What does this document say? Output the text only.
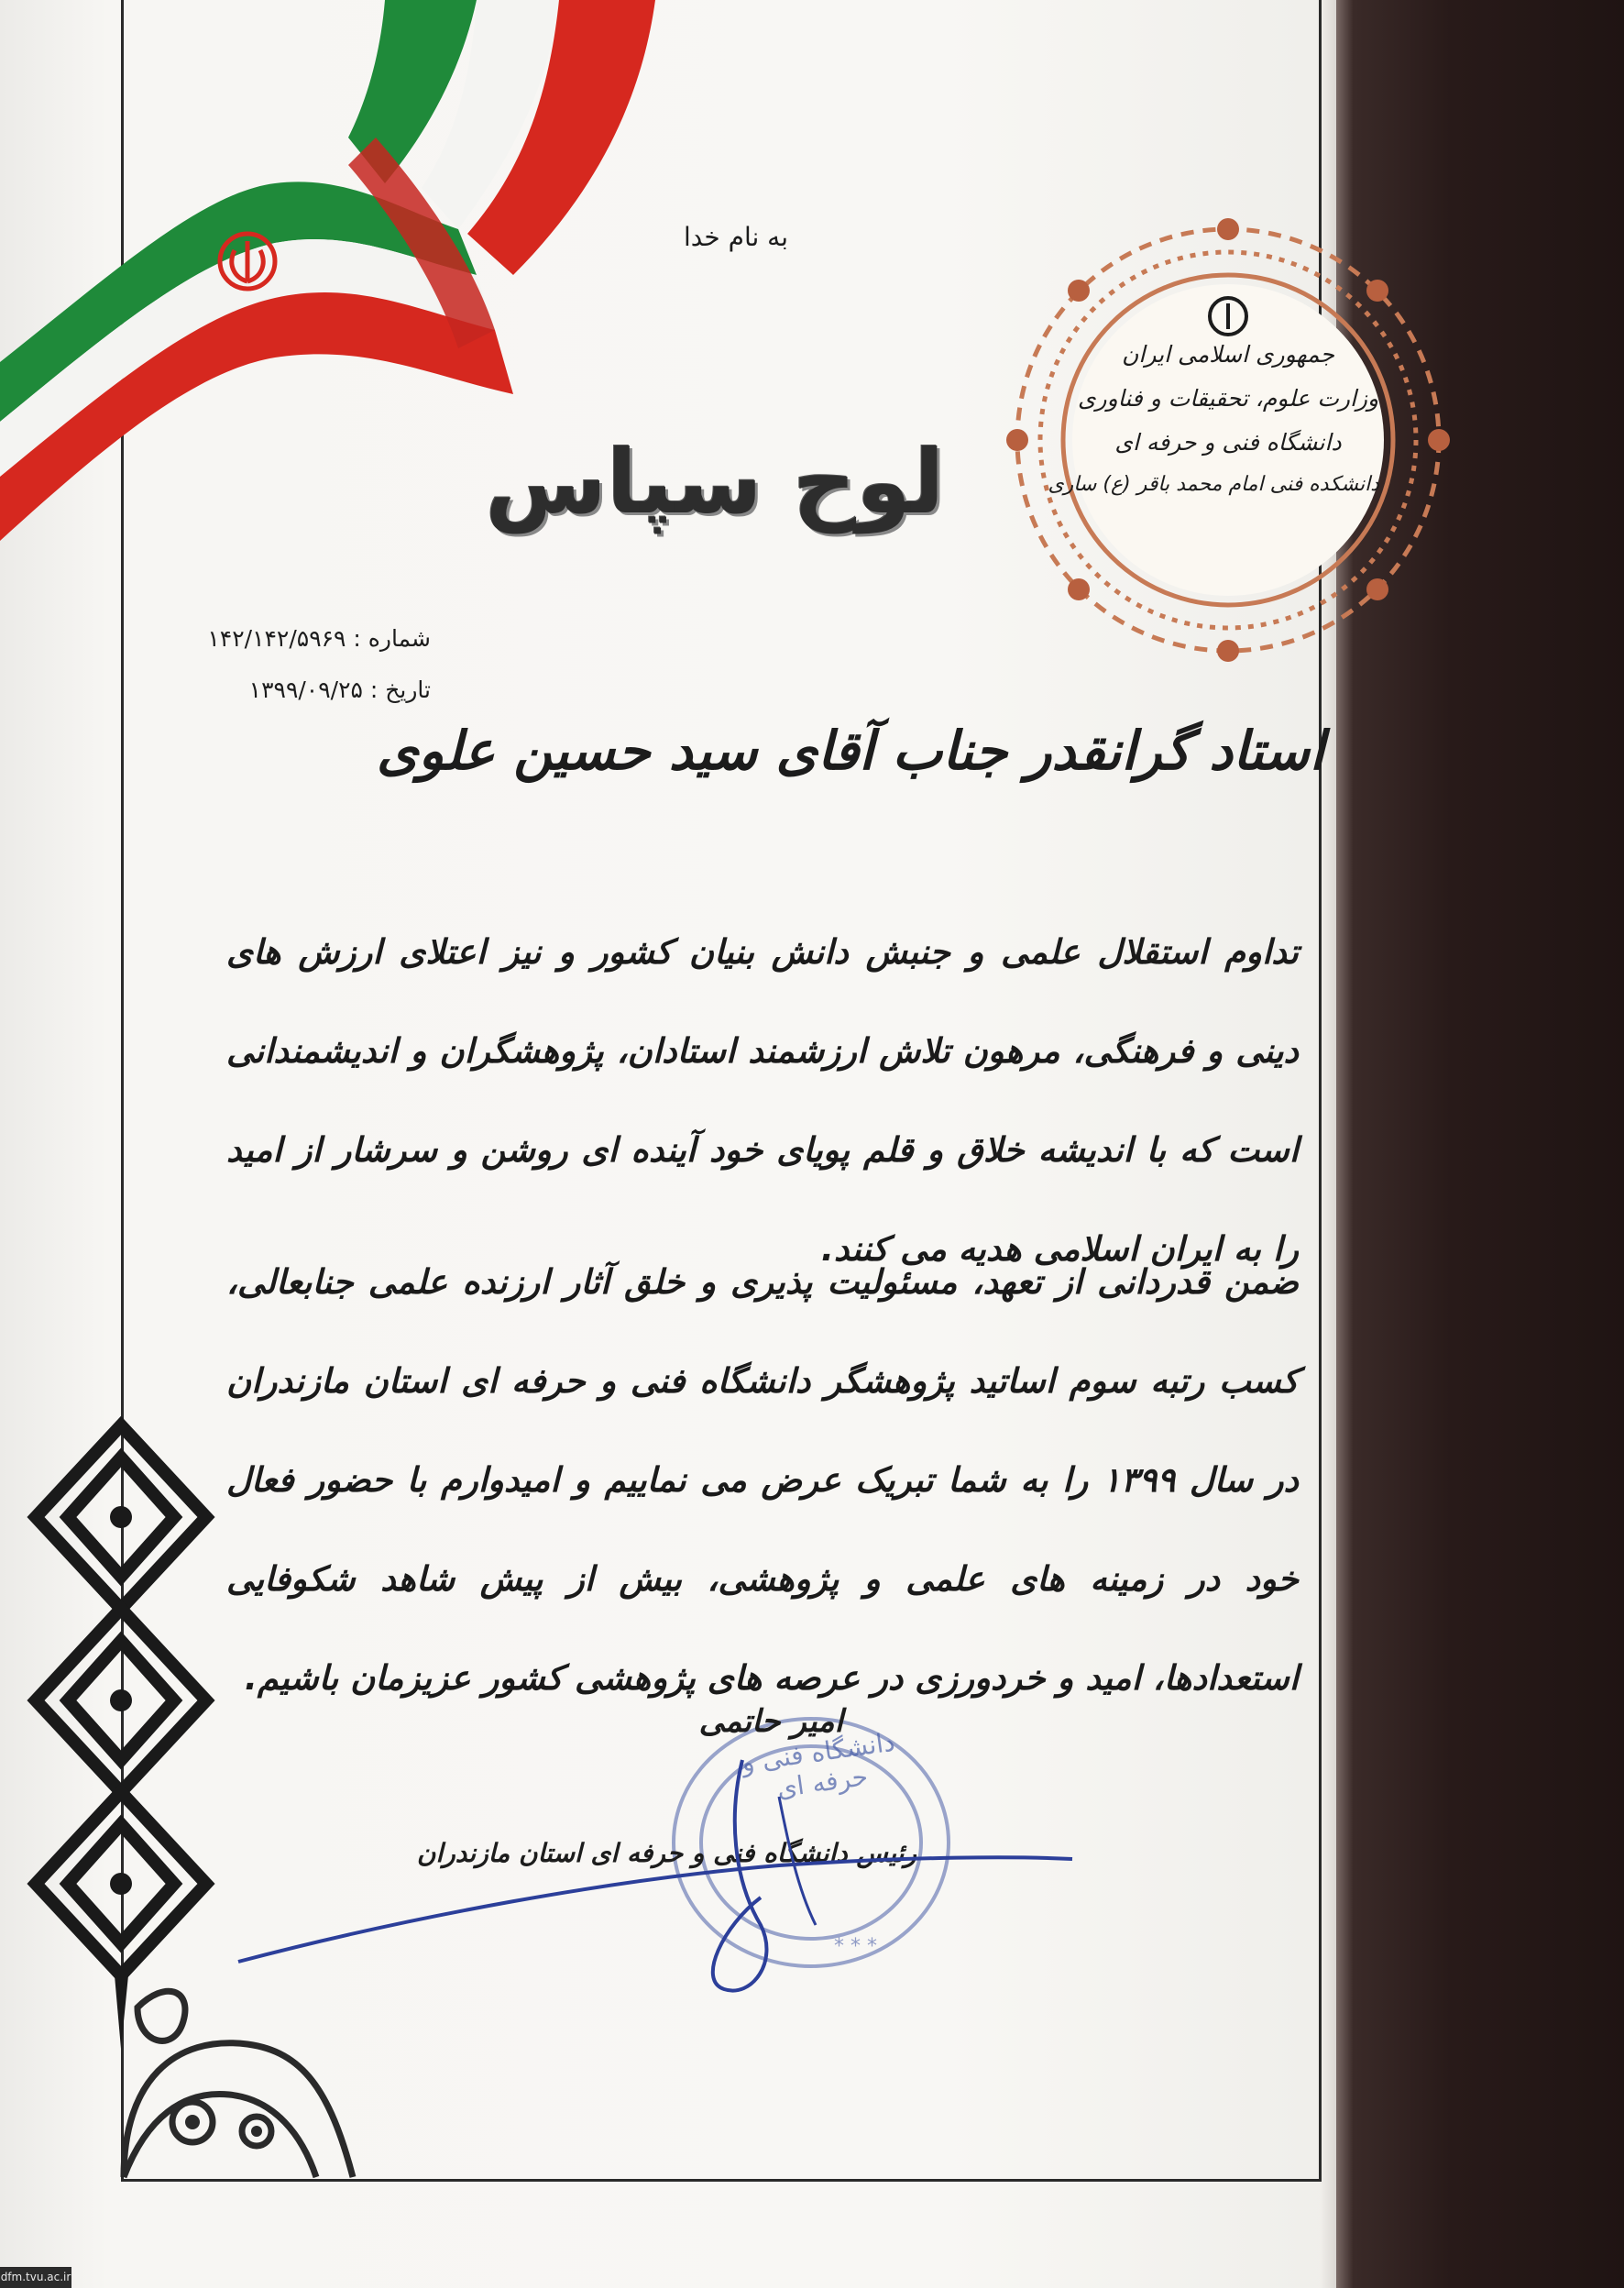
جمهوری اسلامی ایران
وزارت علوم، تحقیقات و فناوری
دانشگاه فنی و حرفه ای
دانشکده فنی امام محمد باقر (ع) ساری
به نام خدا
لوح سپاس
شماره : ۱۴۲/۱۴۲/۵۹۶۹
تاریخ : ۱۳۹۹/۰۹/۲۵
استاد گرانقدر جناب آقای سید حسین علوی
تداوم استقلال علمی و جنبش دانش بنیان کشور و نیز اعتلای ارزش های دینی و فرهنگی، مرهون تلاش ارزشمند استادان، پژوهشگران و اندیشمندانی است که با اندیشه خلاق و قلم پویای خود آینده ای روشن و سرشار از امید را به ایران اسلامی هدیه می کنند.
ضمن قدردانی از تعهد، مسئولیت پذیری و خلق آثار ارزنده علمی جنابعالی، کسب رتبه سوم اساتید پژوهشگر دانشگاه فنی و حرفه ای استان مازندران در سال ۱۳۹۹ را به شما تبریک عرض می نماییم و امیدوارم با حضور فعال خود در زمینه های علمی و پژوهشی، بیش از پیش شاهد شکوفایی استعدادها، امید و خردورزی در عرصه های پژوهشی کشور عزیزمان باشیم.
* * *
دانشگاه فنی و حرفه ای
امیر حاتمی
رئیس دانشگاه فنی و حرفه ای استان مازندران
dfm.tvu.ac.ir
